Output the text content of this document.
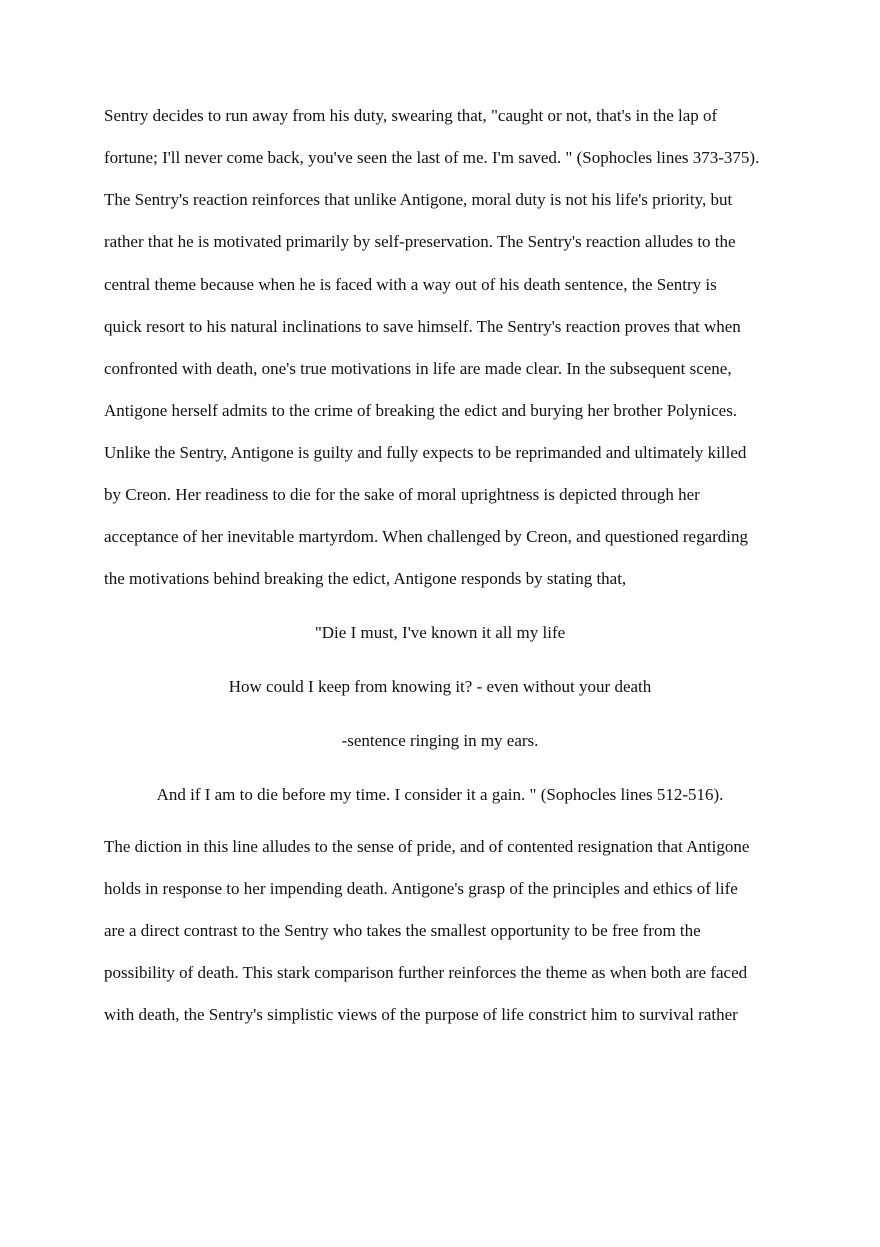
Sentry decides to run away from his duty, swearing that, "caught or not, that's in the lap of

fortune; I'll never come back, you've seen the last of me. I'm saved. " (Sophocles lines 373-375).

The Sentry's reaction reinforces that unlike Antigone, moral duty is not his life's priority, but

rather that he is motivated primarily by self-preservation. The Sentry's reaction alludes to the

central theme because when he is faced with a way out of his death sentence, the Sentry is

quick resort to his natural inclinations to save himself. The Sentry's reaction proves that when

confronted with death, one's true motivations in life are made clear. In the subsequent scene,

Antigone herself admits to the crime of breaking the edict and burying her brother Polynices.

Unlike the Sentry, Antigone is guilty and fully expects to be reprimanded and ultimately killed

by Creon. Her readiness to die for the sake of moral uprightness is depicted through her

acceptance of her inevitable martyrdom. When challenged by Creon, and questioned regarding

the motivations behind breaking the edict, Antigone responds by stating that,

"Die I must, I've known it all my life

How could I keep from knowing it? - even without your death

-sentence ringing in my ears.

And if I am to die before my time. I consider it a gain. " (Sophocles lines 512-516).

The diction in this line alludes to the sense of pride, and of contented resignation that Antigone

holds in response to her impending death. Antigone's grasp of the principles and ethics of life

are a direct contrast to the Sentry who takes the smallest opportunity to be free from the

possibility of death. This stark comparison further reinforces the theme as when both are faced

with death, the Sentry's simplistic views of the purpose of life constrict him to survival rather
